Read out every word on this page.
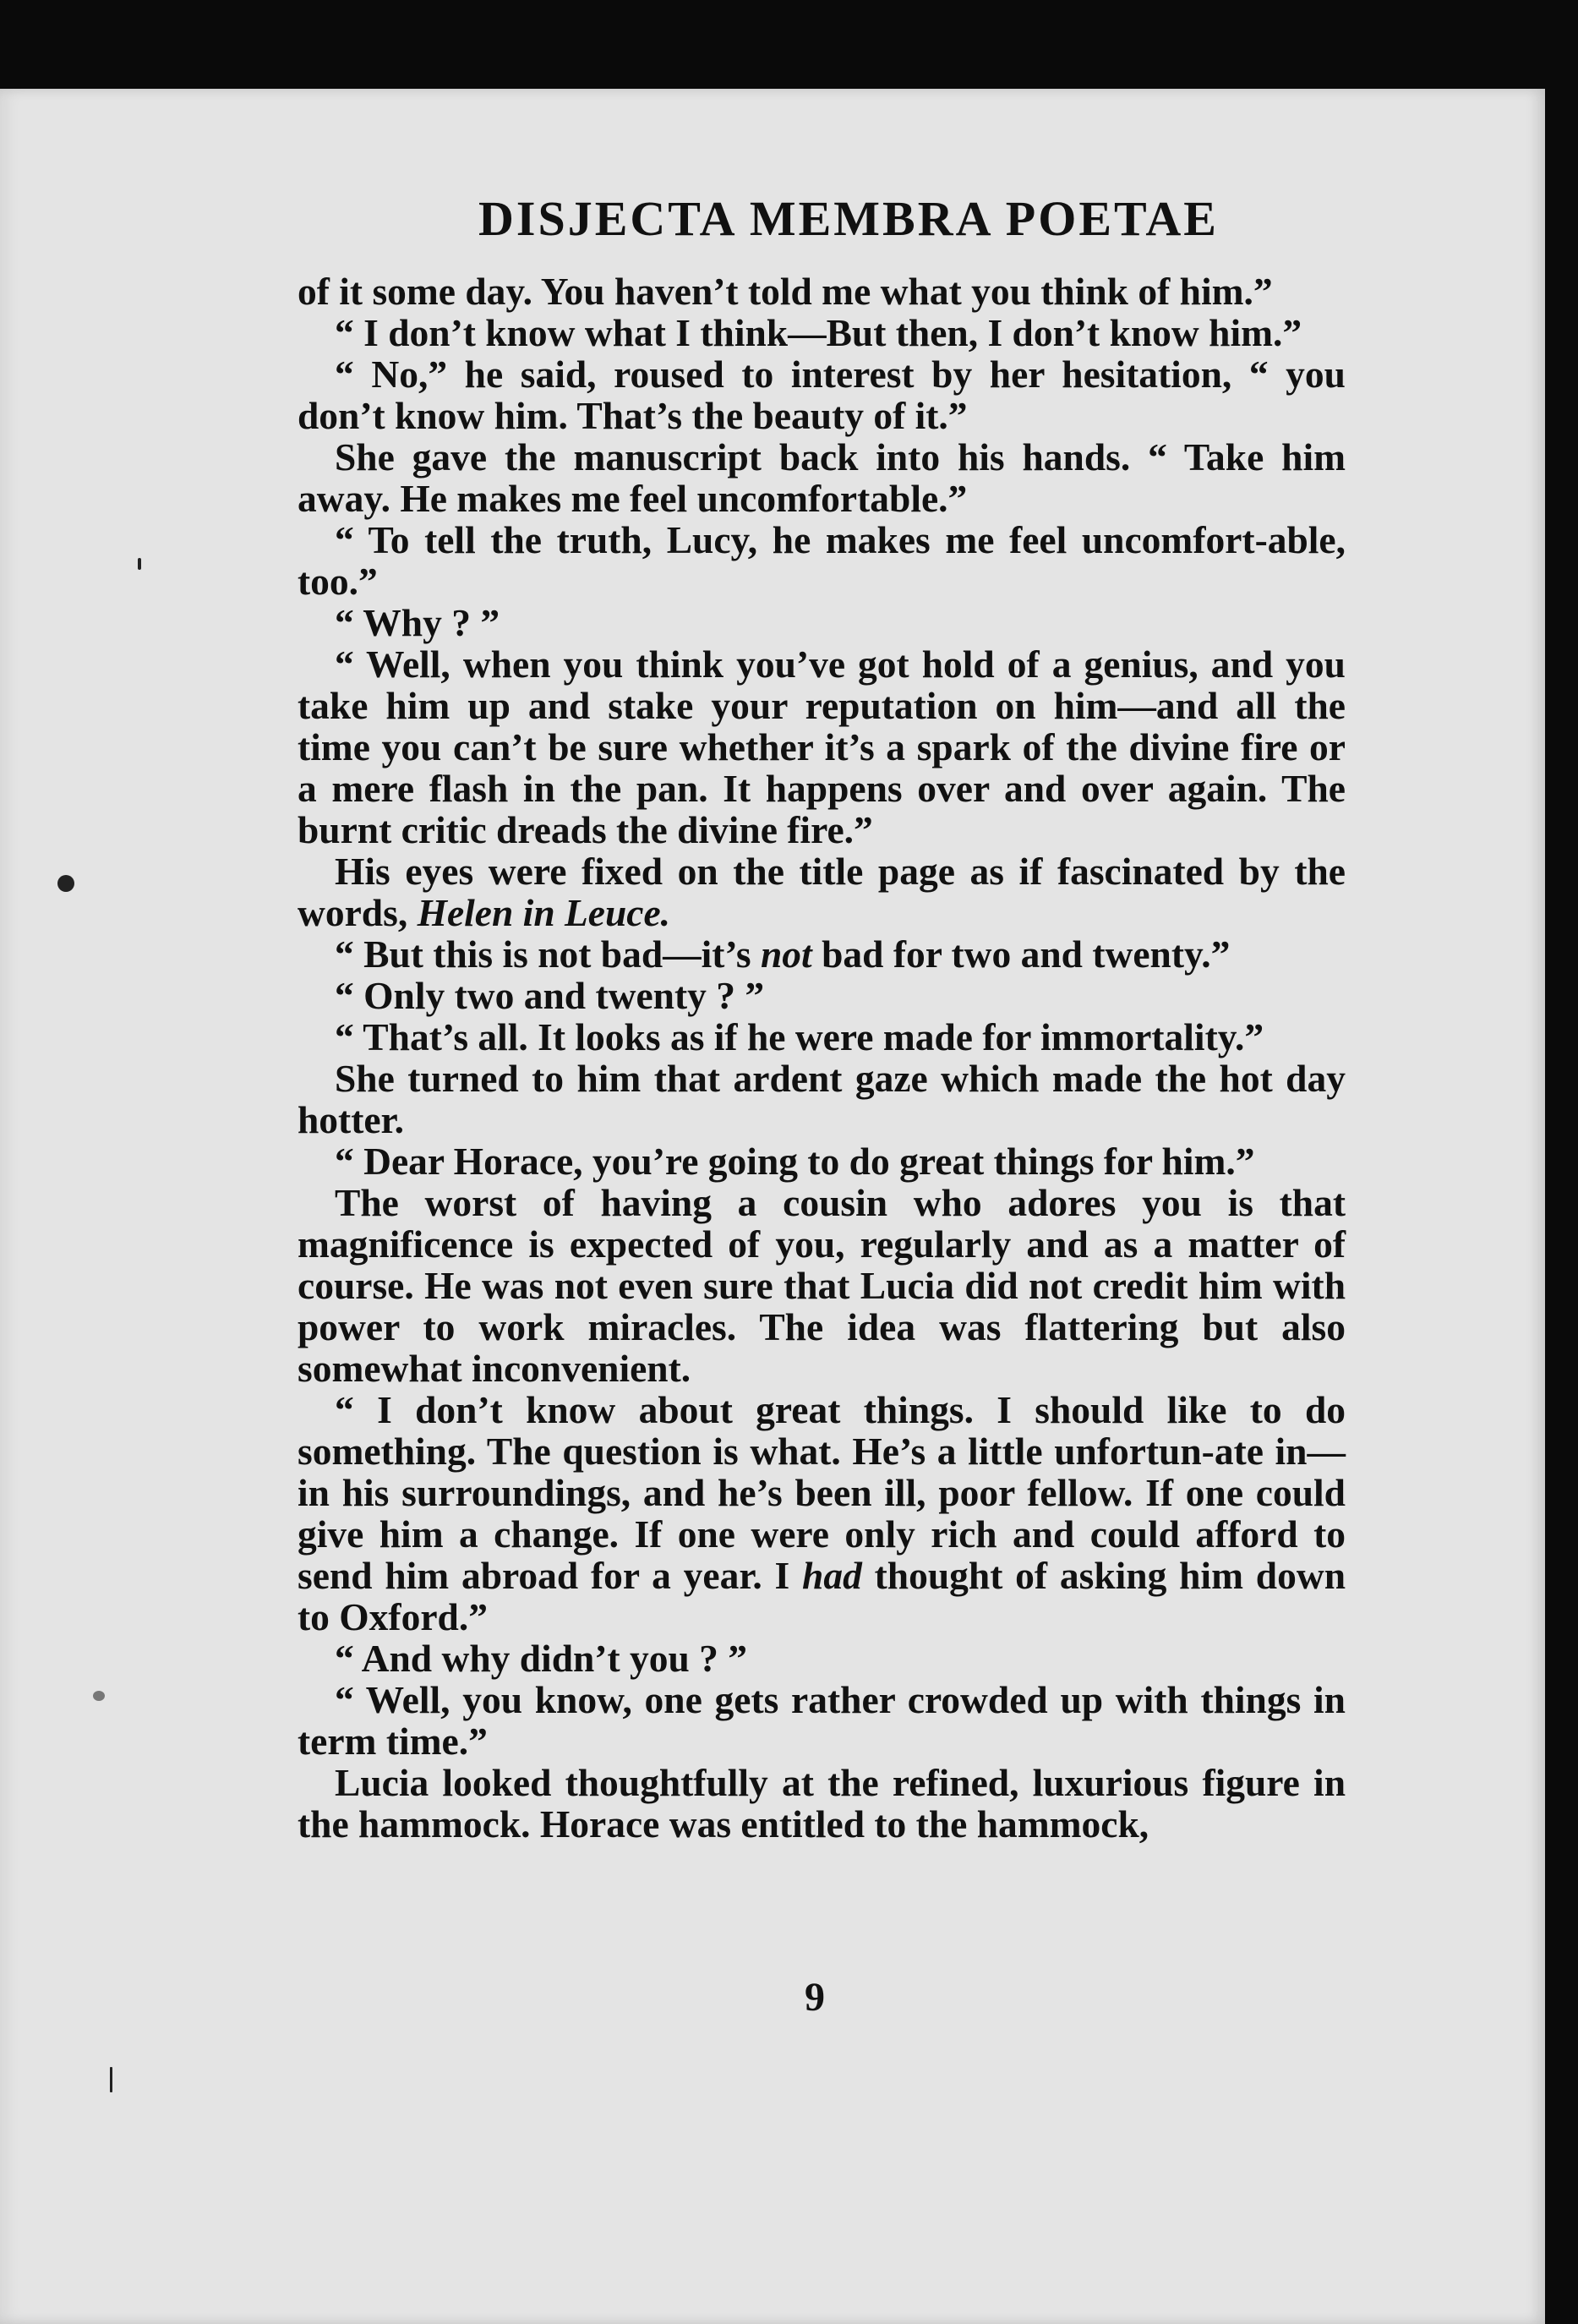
DISJECTA MEMBRA POETAE

of it some day. You haven’t told me what you think of him.”

“ I don’t know what I think—But then, I don’t know him.”

“ No,” he said, roused to interest by her hesitation, “ you don’t know him. That’s the beauty of it.”

She gave the manuscript back into his hands. “ Take him away. He makes me feel uncomfortable.”

“ To tell the truth, Lucy, he makes me feel uncomfort-able, too.”

“ Why ? ”

“ Well, when you think you’ve got hold of a genius, and you take him up and stake your reputation on him—and all the time you can’t be sure whether it’s a spark of the divine fire or a mere flash in the pan. It happens over and over again. The burnt critic dreads the divine fire.”

His eyes were fixed on the title page as if fascinated by the words, Helen in Leuce.

“ But this is not bad—it’s not bad for two and twenty.”

“ Only two and twenty ? ”

“ That’s all. It looks as if he were made for immortality.”

She turned to him that ardent gaze which made the hot day hotter.

“ Dear Horace, you’re going to do great things for him.”

The worst of having a cousin who adores you is that magnificence is expected of you, regularly and as a matter of course. He was not even sure that Lucia did not credit him with power to work miracles. The idea was flattering but also somewhat inconvenient.

“ I don’t know about great things. I should like to do something. The question is what. He’s a little unfortun-ate in—in his surroundings, and he’s been ill, poor fellow. If one could give him a change. If one were only rich and could afford to send him abroad for a year. I had thought of asking him down to Oxford.”

“ And why didn’t you ? ”

“ Well, you know, one gets rather crowded up with things in term time.”

Lucia looked thoughtfully at the refined, luxurious figure in the hammock. Horace was entitled to the hammock,

9
